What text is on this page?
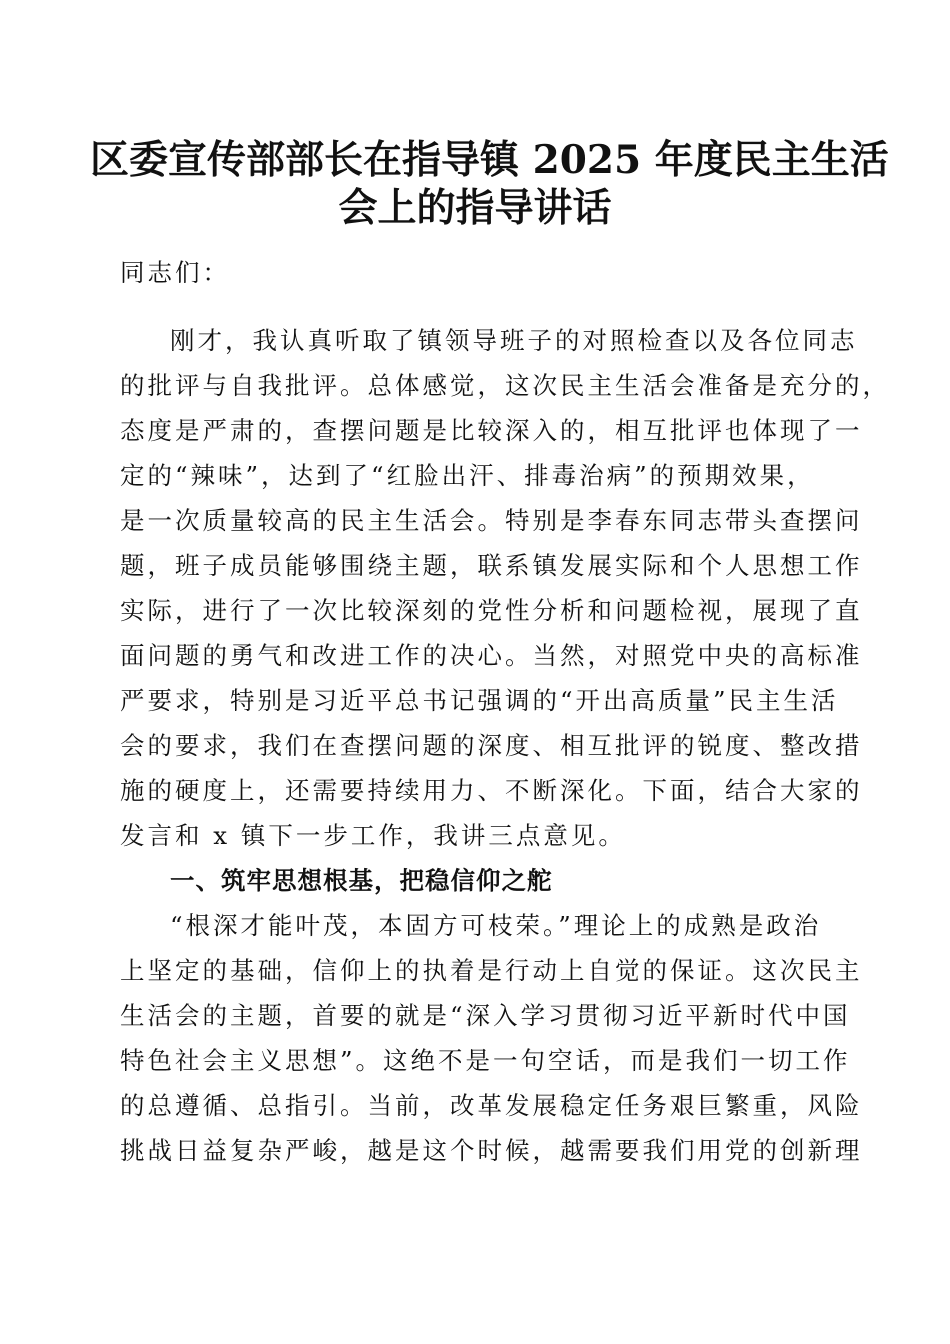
区委宣传部部长在指导镇 2025 年度民主生活
会上的指导讲话
同志们：
刚才，我认真听取了镇领导班子的对照检查以及各位同志
的批评与自我批评。总体感觉，这次民主生活会准备是充分的，
态度是严肃的，查摆问题是比较深入的，相互批评也体现了一
定的“辣味”，达到了“红脸出汗、排毒治病”的预期效果，
是一次质量较高的民主生活会。特别是李春东同志带头查摆问
题，班子成员能够围绕主题，联系镇发展实际和个人思想工作
实际，进行了一次比较深刻的党性分析和问题检视，展现了直
面问题的勇气和改进工作的决心。当然，对照党中央的高标准
严要求，特别是习近平总书记强调的“开出高质量”民主生活
会的要求，我们在查摆问题的深度、相互批评的锐度、整改措
施的硬度上，还需要持续用力、不断深化。下面，结合大家的
发言和 x 镇下一步工作，我讲三点意见。
一、筑牢思想根基，把稳信仰之舵
“根深才能叶茂，本固方可枝荣。”理论上的成熟是政治
上坚定的基础，信仰上的执着是行动上自觉的保证。这次民主
生活会的主题，首要的就是“深入学习贯彻习近平新时代中国
特色社会主义思想”。这绝不是一句空话，而是我们一切工作
的总遵循、总指引。当前，改革发展稳定任务艰巨繁重，风险
挑战日益复杂严峻，越是这个时候，越需要我们用党的创新理
